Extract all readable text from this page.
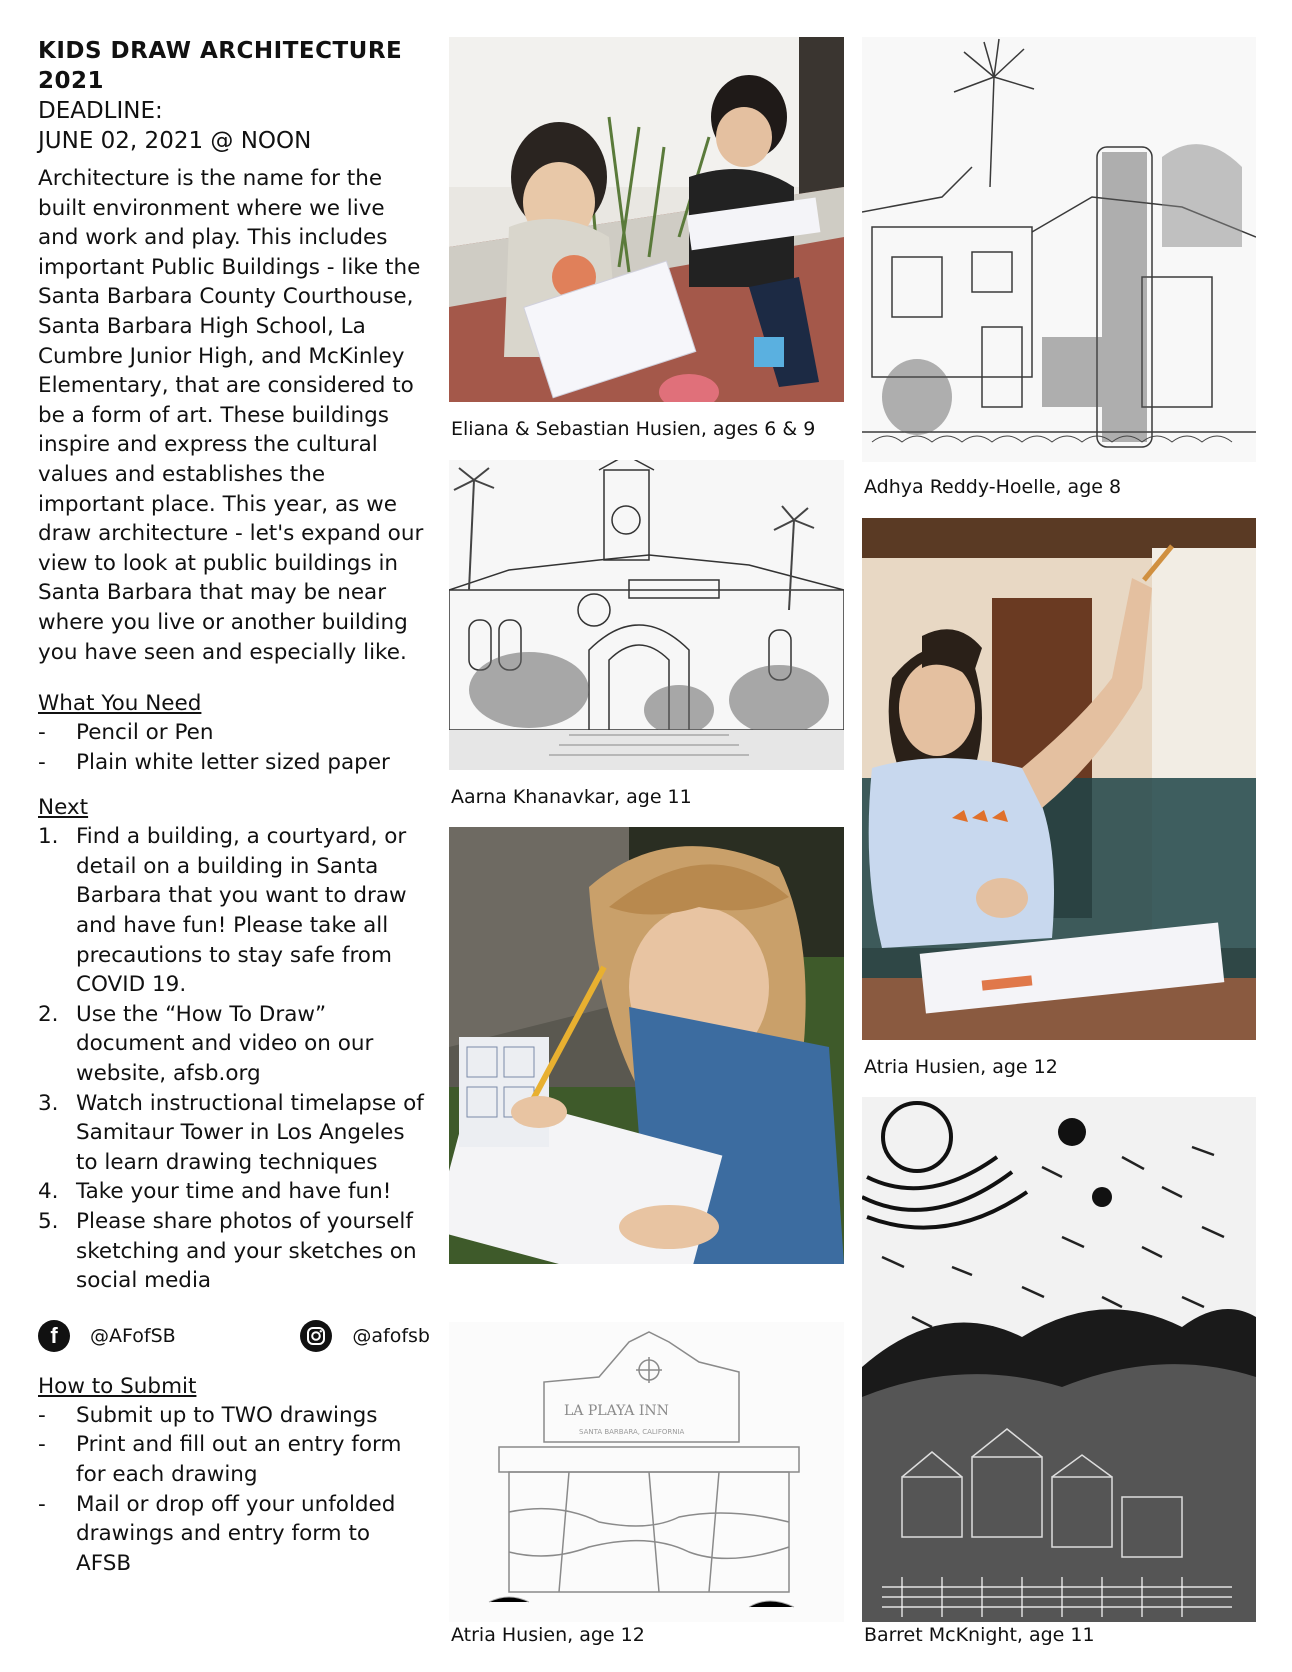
KIDS DRAW ARCHITECTURE 2021

DEADLINE:

JUNE 02, 2021 @ NOON

Architecture is the name for the built environment where we live and work and play. This includes important Public Buildings - like the Santa Barbara County Courthouse, Santa Barbara High School, La Cumbre Junior High, and McKinley Elementary, that are considered to be a form of art. These buildings inspire and express the cultural values and establishes the important place. This year, as we draw architecture - let's expand our view to look at public buildings in Santa Barbara that may be near where you live or another building you have seen and especially like.

What You Need
- Pencil or Pen
- Plain white letter sized paper
Next
1. Find a building, a courtyard, or detail on a building in Santa Barbara that you want to draw and have fun! Please take all precautions to stay safe from COVID 19.
2. Use the “How To Draw” document and video on our website, afsb.org
3. Watch instructional timelapse of Samitaur Tower in Los Angeles to learn drawing techniques
4. Take your time and have fun!
5. Please share photos of yourself sketching and your sketches on social media
f @AFofSB	@afofsb
How to Submit
- Submit up to TWO drawings
- Print and fill out an entry form for each drawing
- Mail or drop off your unfolded drawings and entry form to AFSB
Eliana & Sebastian Husien, ages 6 & 9
Aarna Khanavkar, age 11
LA PLAYA INN
SANTA BARBARA, CALIFORNIA
Atria Husien, age 12
Adhya Reddy-Hoelle, age 8
Atria Husien, age 12
Barret McKnight, age 11
